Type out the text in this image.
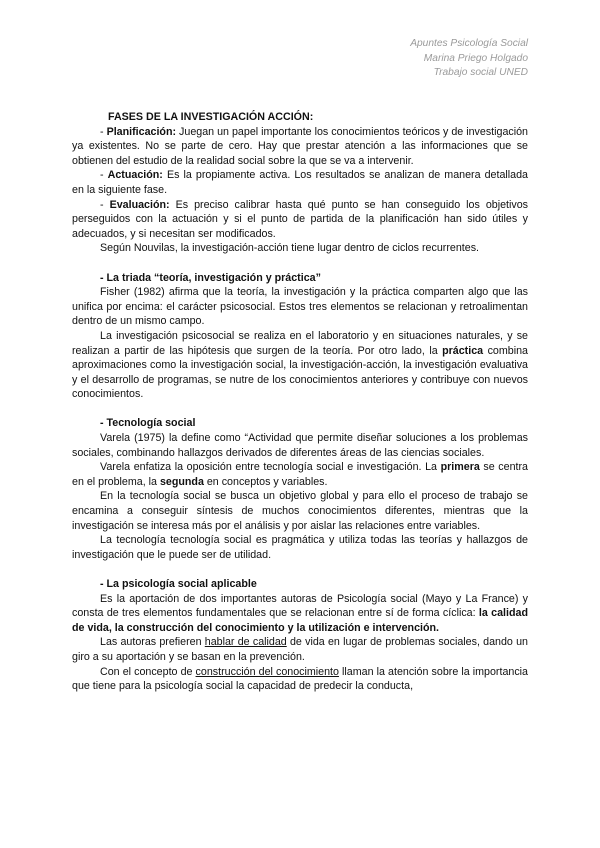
Apuntes Psicología Social
Marina Priego Holgado
Trabajo social UNED
FASES DE LA INVESTIGACIÓN ACCIÓN:

- Planificación: Juegan un papel importante los conocimientos teóricos y de investigación ya existentes. No se parte de cero. Hay que prestar atención a las informaciones que se obtienen del estudio de la realidad social sobre la que se va a intervenir.

- Actuación: Es la propiamente activa. Los resultados se analizan de manera detallada en la siguiente fase.

- Evaluación: Es preciso calibrar hasta qué punto se han conseguido los objetivos perseguidos con la actuación y si el punto de partida de la planificación han sido útiles y adecuados, y si necesitan ser modificados.

Según Nouvilas, la investigación-acción tiene lugar dentro de ciclos recurrentes.

- La triada “teoría, investigación y práctica”

Fisher (1982) afirma que la teoría, la investigación y la práctica comparten algo que las unifica por encima: el carácter psicosocial. Estos tres elementos se relacionan y retroalimentan dentro de un mismo campo.

La investigación psicosocial se realiza en el laboratorio y en situaciones naturales, y se realizan a partir de las hipótesis que surgen de la teoría. Por otro lado, la práctica combina aproximaciones como la investigación social, la investigación-acción, la investigación evaluativa y el desarrollo de programas, se nutre de los conocimientos anteriores y contribuye con nuevos conocimientos.

- Tecnología social

Varela (1975) la define como “Actividad que permite diseñar soluciones a los problemas sociales, combinando hallazgos derivados de diferentes áreas de las ciencias sociales.

Varela enfatiza la oposición entre tecnología social e investigación. La primera se centra en el problema, la segunda en conceptos y variables.

En la tecnología social se busca un objetivo global y para ello el proceso de trabajo se encamina a conseguir síntesis de muchos conocimientos diferentes, mientras que la investigación se interesa más por el análisis y por aislar las relaciones entre variables.

La tecnología tecnología social es pragmática y utiliza todas las teorías y hallazgos de investigación que le puede ser de utilidad.

- La psicología social aplicable

Es la aportación de dos importantes autoras de Psicología social (Mayo y La France) y consta de tres elementos fundamentales que se relacionan entre sí de forma cíclica: la calidad de vida, la construcción del conocimiento y la utilización e intervención.

Las autoras prefieren hablar de calidad de vida en lugar de problemas sociales, dando un giro a su aportación y se basan en la prevención.

Con el concepto de construcción del conocimiento llaman la atención sobre la importancia que tiene para la psicología social la capacidad de predecir la conducta,
